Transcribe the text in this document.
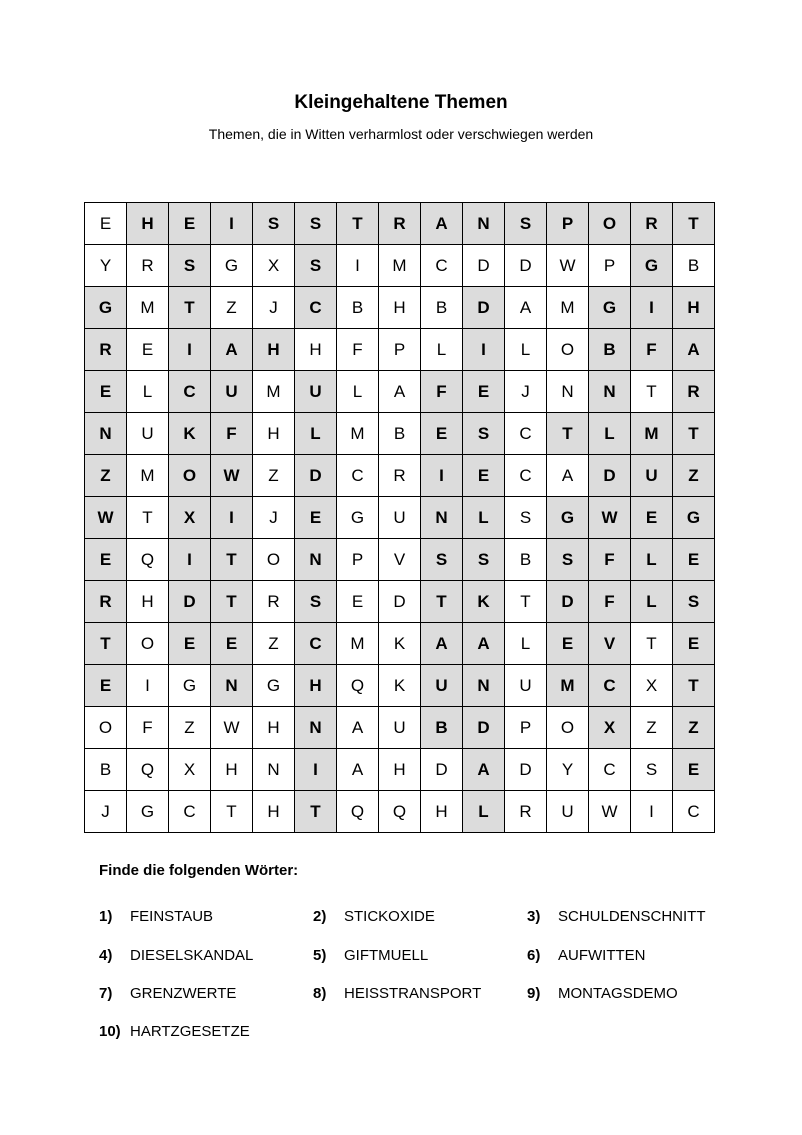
Kleingehaltene Themen
Themen, die in Witten verharmlost oder verschwiegen werden
E	H	E	I	S	S	T	R	A	N	S	P	O	R	T
Y	R	S	G	X	S	I	M	C	D	D	W	P	G	B
G	M	T	Z	J	C	B	H	B	D	A	M	G	I	H
R	E	I	A	H	H	F	P	L	I	L	O	B	F	A
E	L	C	U	M	U	L	A	F	E	J	N	N	T	R
N	U	K	F	H	L	M	B	E	S	C	T	L	M	T
Z	M	O	W	Z	D	C	R	I	E	C	A	D	U	Z
W	T	X	I	J	E	G	U	N	L	S	G	W	E	G
E	Q	I	T	O	N	P	V	S	S	B	S	F	L	E
R	H	D	T	R	S	E	D	T	K	T	D	F	L	S
T	O	E	E	Z	C	M	K	A	A	L	E	V	T	E
E	I	G	N	G	H	Q	K	U	N	U	M	C	X	T
O	F	Z	W	H	N	A	U	B	D	P	O	X	Z	Z
B	Q	X	H	N	I	A	H	D	A	D	Y	C	S	E
J	G	C	T	H	T	Q	Q	H	L	R	U	W	I	C
Finde die folgenden Wörter:
1) FEINSTAUB	2) STICKOXIDE	3) SCHULDENSCHNITT
4) DIESELSKANDAL	5) GIFTMUELL	6) AUFWITTEN
7) GRENZWERTE	8) HEISSTRANSPORT	9) MONTAGSDEMO
10) HARTZGESETZE
